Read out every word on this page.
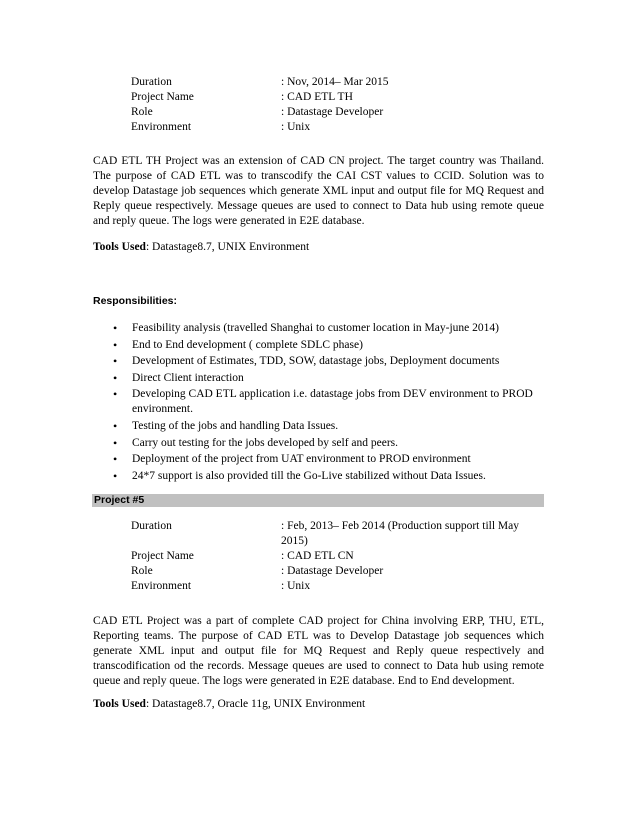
Duration	: Nov, 2014– Mar 2015
Project Name	: CAD ETL TH
Role	: Datastage Developer
Environment	: Unix

CAD ETL TH Project was an extension of CAD CN project. The target country was Thailand. The purpose of CAD ETL was to transcodify the CAI CST values to CCID. Solution was to develop Datastage job sequences which generate XML input and output file for MQ Request and Reply queue respectively. Message queues are used to connect to Data hub using remote queue and reply queue. The logs were generated in E2E database.

Tools Used: Datastage8.7, UNIX Environment

Responsibilities:
• Feasibility analysis (travelled Shanghai to customer location in May-june 2014)
• End to End development ( complete SDLC phase)
• Development of Estimates, TDD, SOW, datastage jobs, Deployment documents
• Direct Client interaction
• Developing CAD ETL application i.e. datastage jobs from DEV environment to PROD environment.
• Testing of the jobs and handling Data Issues.
• Carry out testing for the jobs developed by self and peers.
• Deployment of the project from UAT environment to PROD environment
• 24*7 support is also provided till the Go-Live stabilized without Data Issues.
Project #5
Duration	: Feb, 2013– Feb 2014 (Production support till May 2015)
Project Name	: CAD ETL CN
Role	: Datastage Developer
Environment	: Unix

CAD ETL Project was a part of complete CAD project for China involving ERP, THU, ETL, Reporting teams. The purpose of CAD ETL was to Develop Datastage job sequences which generate XML input and output file for MQ Request and Reply queue respectively and transcodification od the records. Message queues are used to connect to Data hub using remote queue and reply queue. The logs were generated in E2E database. End to End development.

Tools Used: Datastage8.7, Oracle 11g, UNIX Environment
